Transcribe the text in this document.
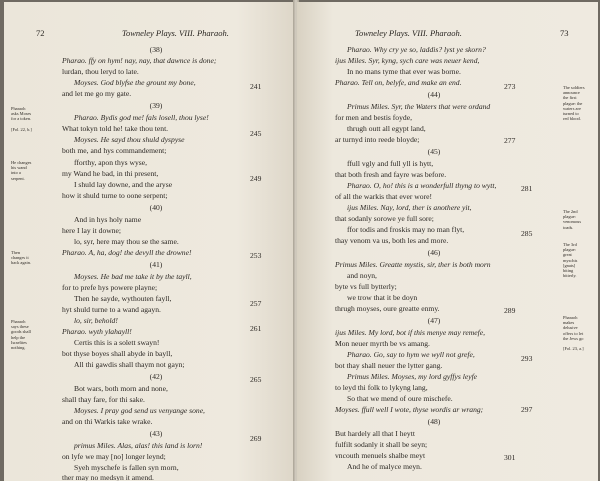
72	Towneley Plays. VIII. Pharaoh.
Pharaoh
asks Moses
for a token.

[Fol. 22, b.]
He changes
his wand
into a
serpent.
Then
changes it
back again.
Pharaoh
says these
goods shall
help the
Israelites
nothing.
(38)
Pharao. ffy on hym! nay, nay, that dawnce is done;
lurdan, thou leryd to late.
Moyses. God blyfse the grount my bone,
and let me go my gate.
(39)
Pharao. Bydis god me! fals losell, thou lyse!
What tokyn told he! take thou tent.
Moyses. He sayd thou shuld dyspyse
both me, and hys commandement;
fforthy, apon thys wyse,
my Wand he bad, in thi present,
I shuld lay downe, and the aryse
how it shuld turne to oone serpent;
(40)
And in hys holy name
here I lay it downe;
lo, syr, here may thou se the same.
Pharao. A, ha, dog! the devyll the drowne!
(41)
Moyses. He bad me take it by the tayll,
for to prefe hys powere playne;
Then he sayde, wythouten fayll,
hyt shuld turne to a wand agayn.
lo, sir, behold!
Pharao. wyth ylahayll!
Certis this is a solett swayn!
bot thyse boyes shall abyde in bayll,
All thi gawdis shall thaym not gayn;
(42)
Bot wars, both morn and none,
shall thay fare, for thi sake.
Moyses. I pray god send us venyange sone,
and on thi Warkis take wrake.
(43)
primus Miles. Alas, alas! this land is lorn!
on lyfe we may [no] longer leynd;
Syeh myschefe is fallen syn morn,
ther may no medsyn it amend.
241
245
249
253
257
261
265
269
Towneley Plays. VIII. Pharaoh.	73
The soldiers
announce
the first
plague: the
waters are
turned to
red blood.
The 2nd
plague:
venomous
toads.
The 3rd
plague:
great
myschis
[gnats]
biting
bitterly.
Pharaoh
makes
delusive
offers to let
the Jews go

[Fol. 23, a.]
Pharao. Why cry ye so, laddis? lyst ye skorn?
ijus Miles. Syr, kyng, sych care was neuer kend,
In no mans tyme that ever was borne.
Pharao. Tell on, belyfe, and make an end.
(44)
Primus Miles. Syr, the Waters that were ordand
for men and bestis foyde,
thrugh outt all egypt land,
ar turnyd into reede bloyde;
(45)
ffull vgly and full yll is hytt,
that both fresh and fayre was before.
Pharao. O, ho! this is a wonderfull thyng to wytt,
of all the warkis that ever wore!
ijus Miles. Nay, lord, ther is anothere yit,
that sodanly sorowe ye full sore;
ffor todis and froskis may no man flyt,
thay venom va us, both les and more.
(46)
Primus Miles. Greatte mystis, sir, ther is both morn
and noyn,
byte vs full bytterly;
we trow that it be doyn
thrugh moyses, oure greatte enmy.
(47)
ijus Miles. My lord, bot if this menye may remefe,
Mon neuer myrth be vs amang.
Pharao. Go, say to hym we wyll not grefe,
bot thay shall neuer the lytter gang.
Primus Miles. Moyses, my lord gyffys leyfe
to leyd thi folk to lykyng lang,
So that we mend of oure mischefe.
Moyses. ffull well I wote, thyse wordis ar wrang;
(48)
But hardely all that I heytt
fulfilt sodanly it shall be seyn;
vncouth menuels shalbe meyt
And he of malyce meyn.
273
277
281
285
289
293
297
301
